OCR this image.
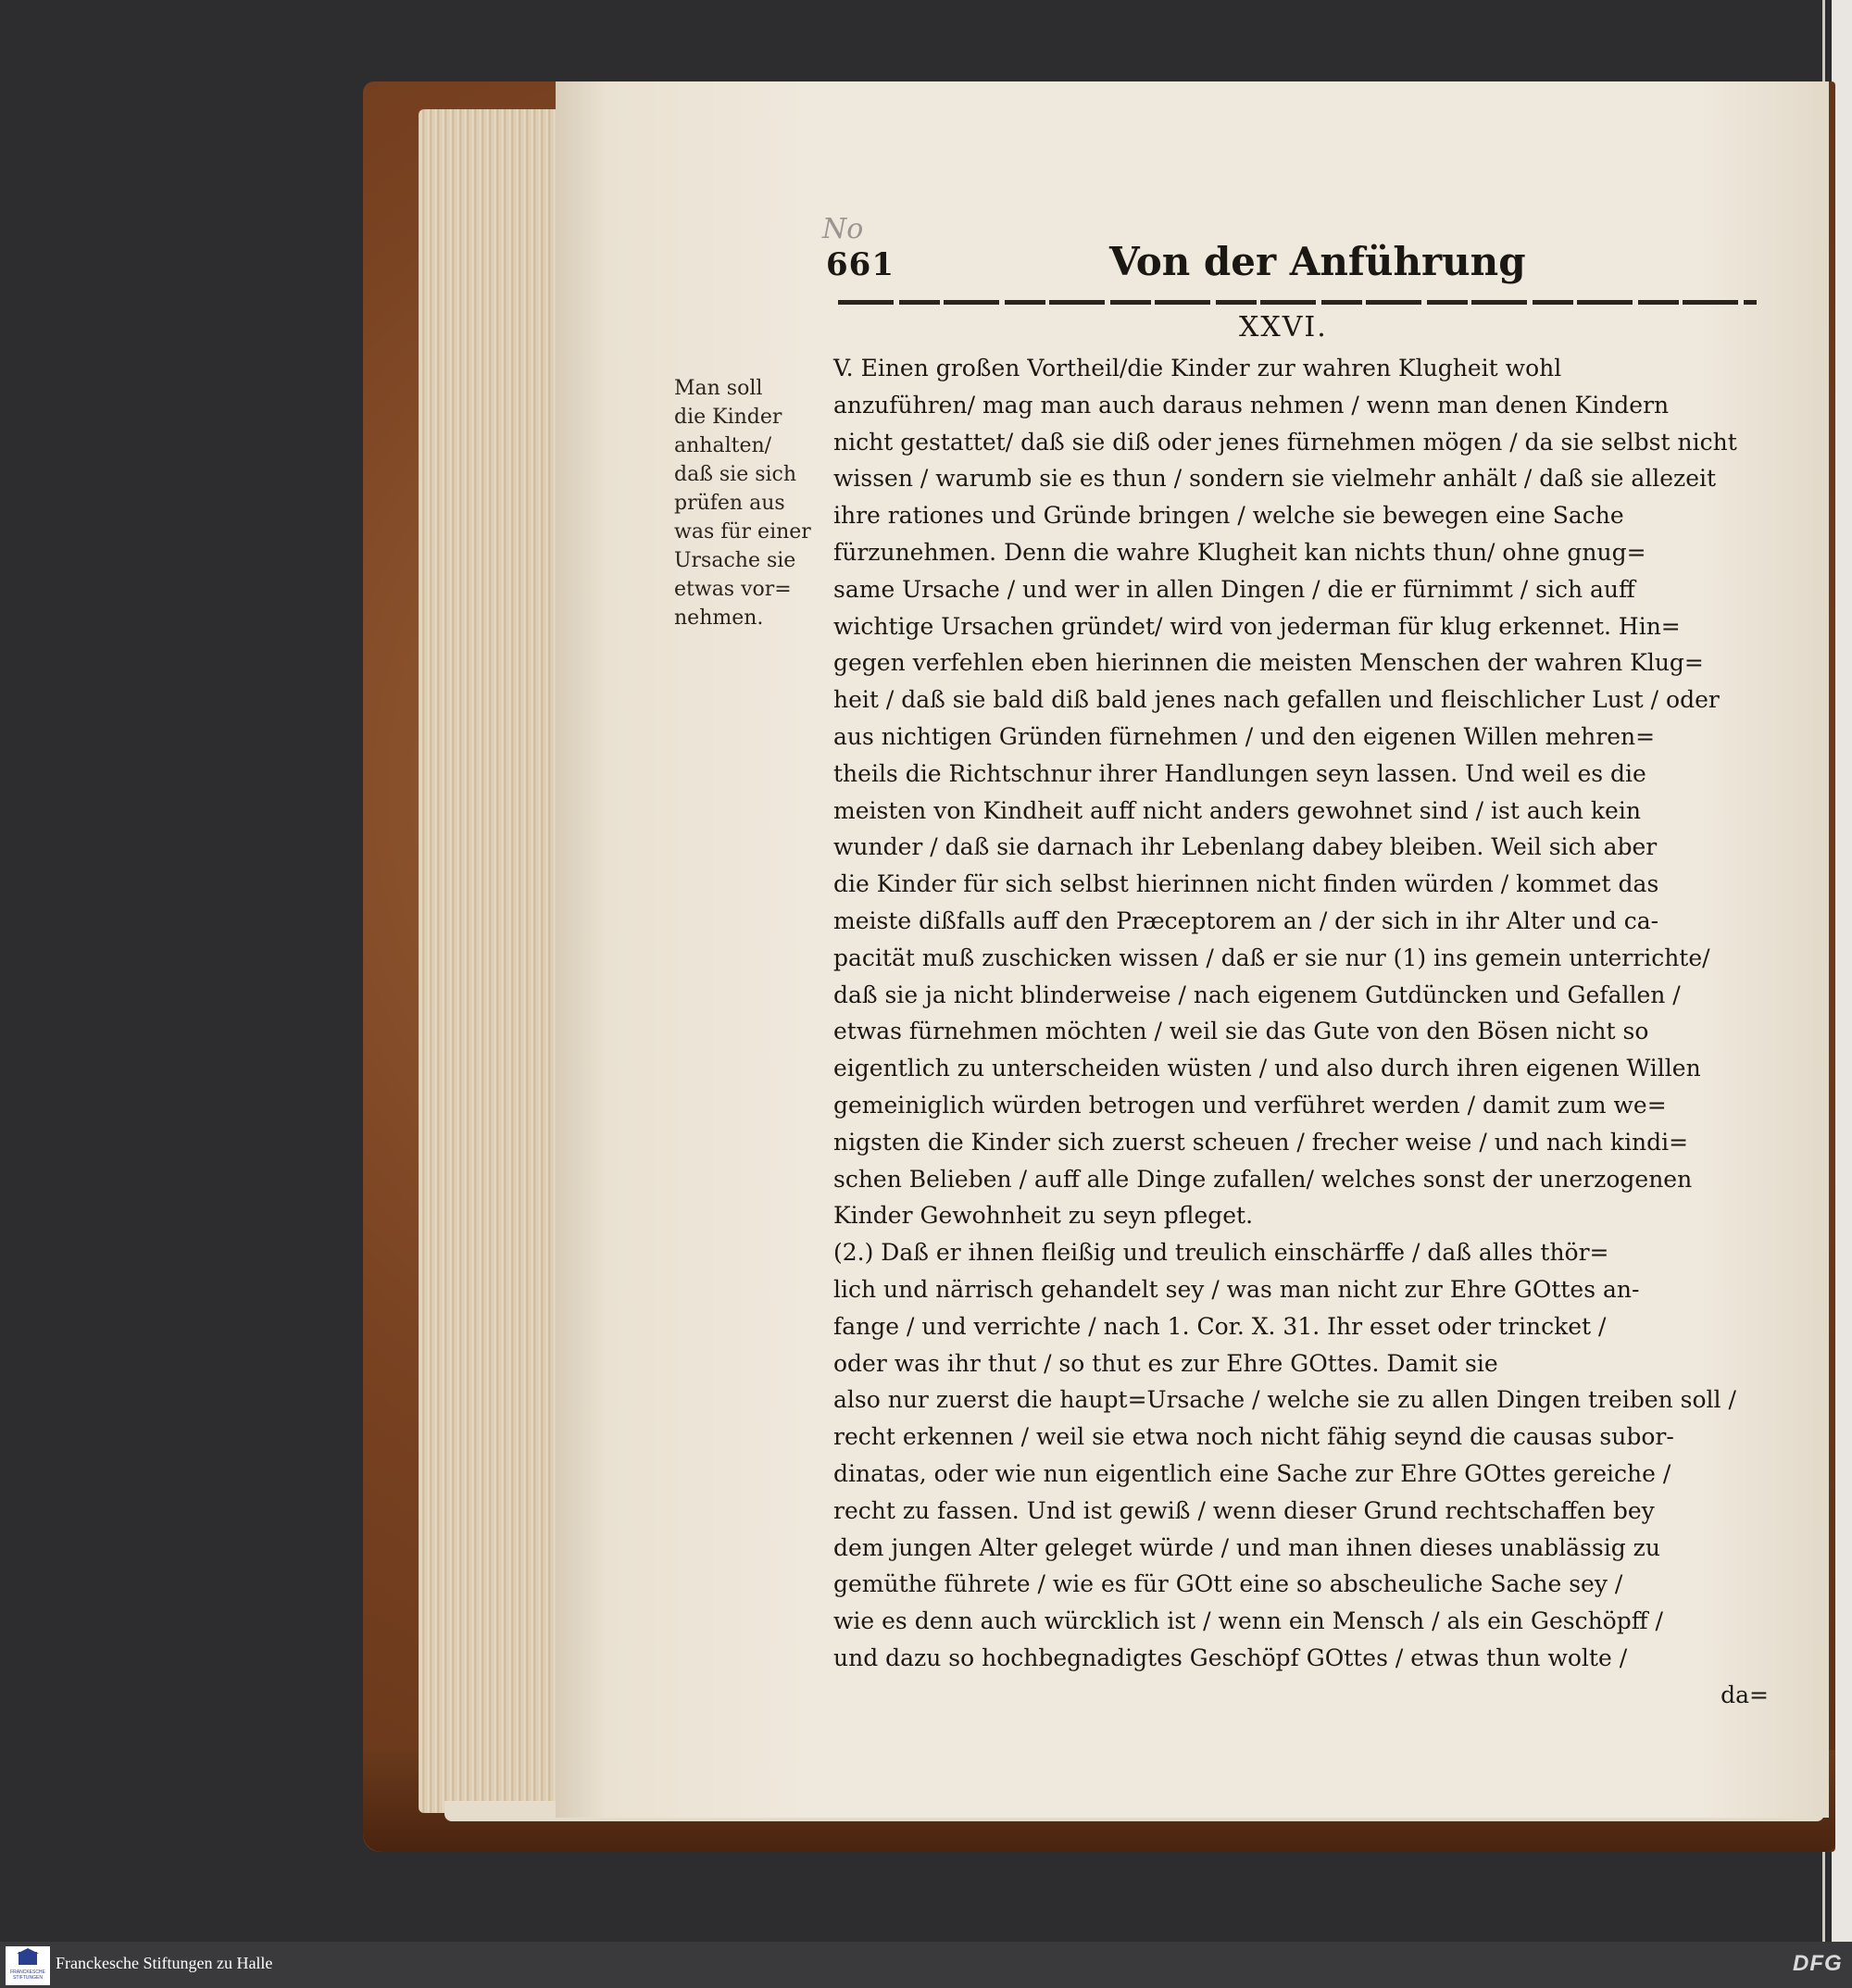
No
661	Von der Anführung
XXVI.
Man soll
die Kinder
anhalten/
daß sie sich
prüfen aus
was für einer
Ursache sie
etwas vor=
nehmen.
V. Einen großen Vortheil/die Kinder zur wahren Klugheit wohl
anzuführen/ mag man auch daraus nehmen / wenn man denen Kindern
nicht gestattet/ daß sie diß oder jenes fürnehmen mögen / da sie selbst nicht
wissen / warumb sie es thun / sondern sie vielmehr anhält / daß sie allezeit
ihre rationes und Gründe bringen / welche sie bewegen eine Sache
fürzunehmen. Denn die wahre Klugheit kan nichts thun/ ohne gnug=
same Ursache / und wer in allen Dingen / die er fürnimmt / sich auff
wichtige Ursachen gründet/ wird von jederman für klug erkennet. Hin=
gegen verfehlen eben hierinnen die meisten Menschen der wahren Klug=
heit / daß sie bald diß bald jenes nach gefallen und fleischlicher Lust / oder
aus nichtigen Gründen fürnehmen / und den eigenen Willen mehren=
theils die Richtschnur ihrer Handlungen seyn lassen. Und weil es die
meisten von Kindheit auff nicht anders gewohnet sind / ist auch kein
wunder / daß sie darnach ihr Lebenlang dabey bleiben. Weil sich aber
die Kinder für sich selbst hierinnen nicht finden würden / kommet das
meiste dißfalls auff den Præceptorem an / der sich in ihr Alter und ca-
pacität muß zuschicken wissen / daß er sie nur (1) ins gemein unterrichte/
daß sie ja nicht blinderweise / nach eigenem Gutdüncken und Gefallen /
etwas fürnehmen möchten / weil sie das Gute von den Bösen nicht so
eigentlich zu unterscheiden wüsten / und also durch ihren eigenen Willen
gemeiniglich würden betrogen und verführet werden / damit zum we=
nigsten die Kinder sich zuerst scheuen / frecher weise / und nach kindi=
schen Belieben / auff alle Dinge zufallen/ welches sonst der unerzogenen
Kinder Gewohnheit zu seyn pfleget.
(2.) Daß er ihnen fleißig und treulich einschärffe / daß alles thör=
lich und närrisch gehandelt sey / was man nicht zur Ehre GOttes an-
fange / und verrichte / nach 1. Cor. X. 31. Ihr esset oder trincket /
oder was ihr thut / so thut es zur Ehre GOttes. Damit sie
also nur zuerst die haupt=Ursache / welche sie zu allen Dingen treiben soll /
recht erkennen / weil sie etwa noch nicht fähig seynd die causas subor-
dinatas, oder wie nun eigentlich eine Sache zur Ehre GOttes gereiche /
recht zu fassen. Und ist gewiß / wenn dieser Grund rechtschaffen bey
dem jungen Alter geleget würde / und man ihnen dieses unablässig zu
gemüthe führete / wie es für GOtt eine so abscheuliche Sache sey /
wie es denn auch würcklich ist / wenn ein Mensch / als ein Geschöpff /
und dazu so hochbegnadigtes Geschöpf GOttes / etwas thun wolte /
da=
FRANCKESCHE STIFTUNGEN
Franckesche Stiftungen zu Halle	DFG
